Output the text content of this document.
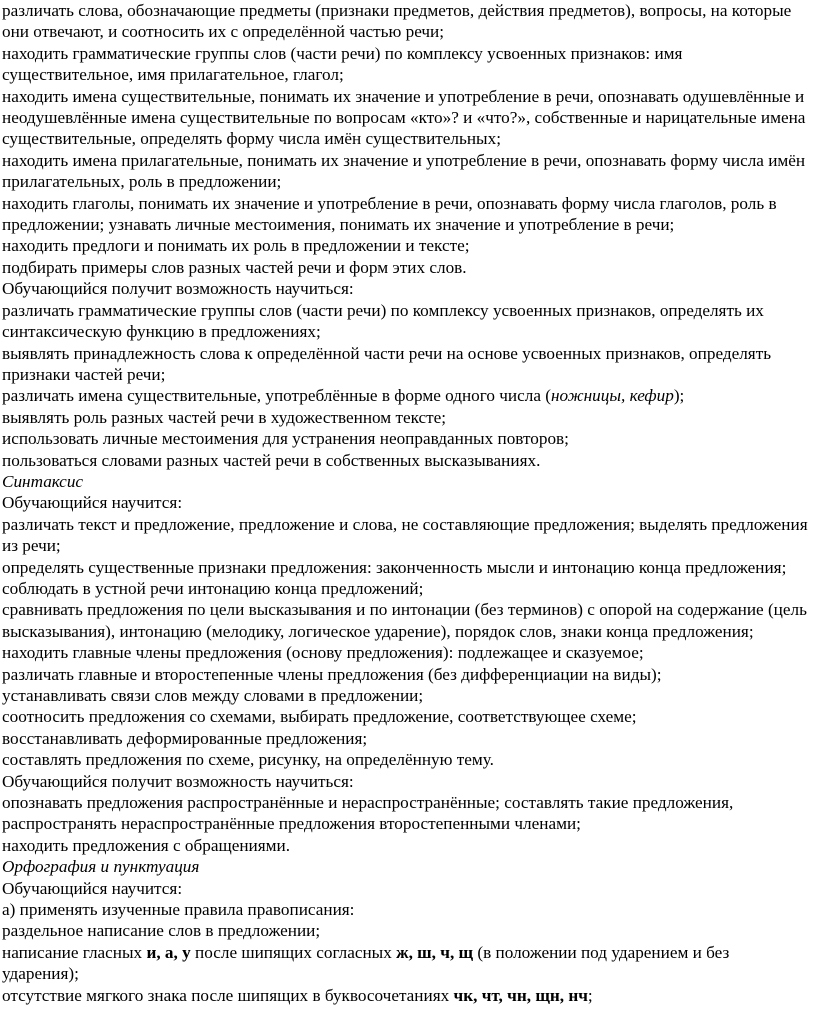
различать слова, обозначающие предметы (признаки предметов, действия предметов), вопросы, на которые они отвечают, и соотносить их с определённой частью речи;

находить грамматические группы слов (части речи) по комплексу усвоенных признаков: имя существительное, имя прилагательное, глагол;

находить имена существительные, понимать их значение и употребление в речи, опознавать одушевлённые и неодушевлённые имена существительные по вопросам «кто»? и «что?», собственные и нарицательные имена существительные, определять форму числа имён существительных;

находить имена прилагательные, понимать их значение и употребление в речи, опознавать форму числа имён прилагательных, роль в предложении;

находить глаголы, понимать их значение и употребление в речи, опознавать форму числа глаголов, роль в предложении; узнавать личные местоимения, понимать их значение и употребление в речи;

находить предлоги и понимать их роль в предложении и тексте;

подбирать примеры слов разных частей речи и форм этих слов.

Обучающийся получит возможность научиться:

различать грамматические группы слов (части речи) по комплексу усвоенных признаков, определять их синтаксическую функцию в предложениях;

выявлять принадлежность слова к определённой части речи на основе усвоенных признаков, определять признаки частей речи;

различать имена существительные, употреблённые в форме одного числа (ножницы, кефир);

выявлять роль разных частей речи в художественном тексте;

использовать личные местоимения для устранения неоправданных повторов;

пользоваться словами разных частей речи в собственных высказываниях.

Синтаксис

Обучающийся научится:

различать текст и предложение, предложение и слова, не составляющие предложения; выделять предложения из речи;

определять существенные признаки предложения: законченность мысли и интонацию конца предложения; соблюдать в устной речи интонацию конца предложений;

сравнивать предложения по цели высказывания и по интонации (без терминов) с опорой на содержание (цель высказывания), интонацию (мелодику, логическое ударение), порядок слов, знаки конца предложения;

находить главные члены предложения (основу предложения): подлежащее и сказуемое;

различать главные и второстепенные члены предложения (без дифференциации на виды);

устанавливать связи слов между словами в предложении;

соотносить предложения со схемами, выбирать предложение, соответствующее схеме;

восстанавливать деформированные предложения;

составлять предложения по схеме, рисунку, на определённую тему.

Обучающийся получит возможность научиться:

опознавать предложения распространённые и нераспространённые; составлять такие предложения, распространять нераспространённые предложения второстепенными членами;

находить предложения с обращениями.

Орфография и пунктуация

Обучающийся научится:

а) применять изученные правила правописания:

раздельное написание слов в предложении;

написание гласных и, а, у после шипящих согласных ж, ш, ч, щ (в положении под ударением и без ударения);

отсутствие мягкого знака после шипящих в буквосочетаниях чк, чт, чн, щн, нч;
